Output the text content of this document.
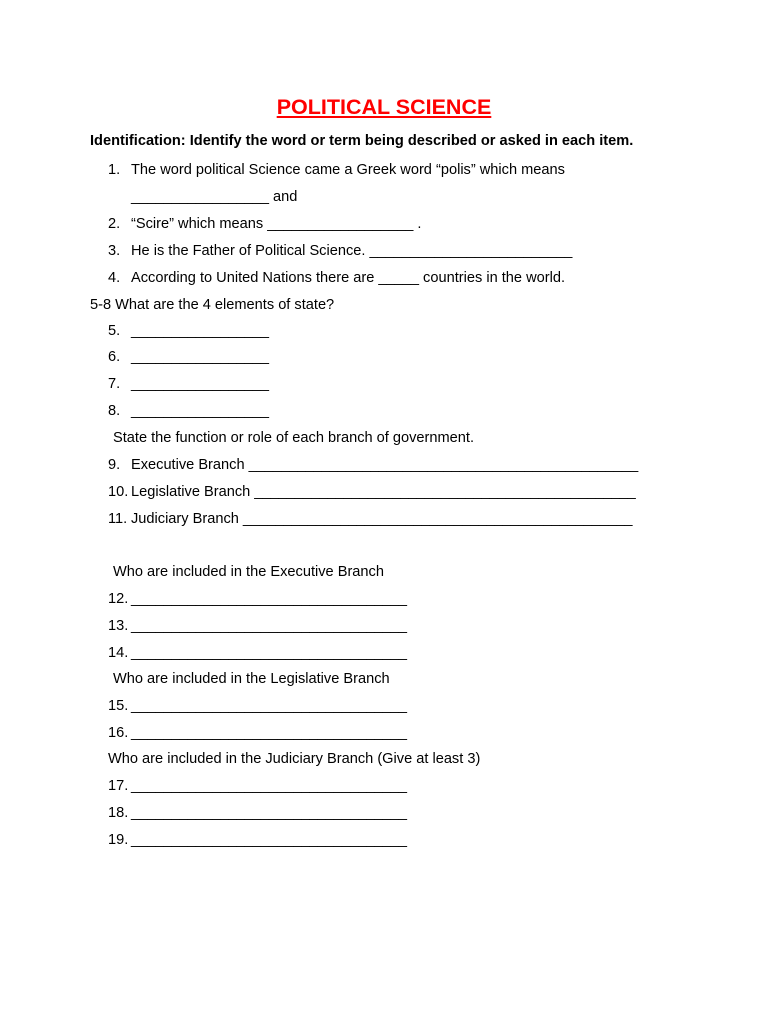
POLITICAL SCIENCE
Identification: Identify the word or term being described or asked in each item.
1. The word political Science came a Greek word “polis” which means
_________________ and
2. “Scire” which means __________________ .
3. He is the Father of Political Science. _________________________
4. According to United Nations there are _____ countries in the world.
5-8 What are the 4 elements of state?
5. _________________
6. _________________
7. _________________
8. _________________
State the function or role of each branch of government.
9. Executive Branch ________________________________________________
10. Legislative Branch _______________________________________________
11. Judiciary Branch ________________________________________________
Who are included in the Executive Branch
12. __________________________________
13. __________________________________
14. __________________________________
Who are included in the Legislative Branch
15. __________________________________
16. __________________________________
Who are included in the Judiciary Branch (Give at least 3)
17. __________________________________
18. __________________________________
19. __________________________________
